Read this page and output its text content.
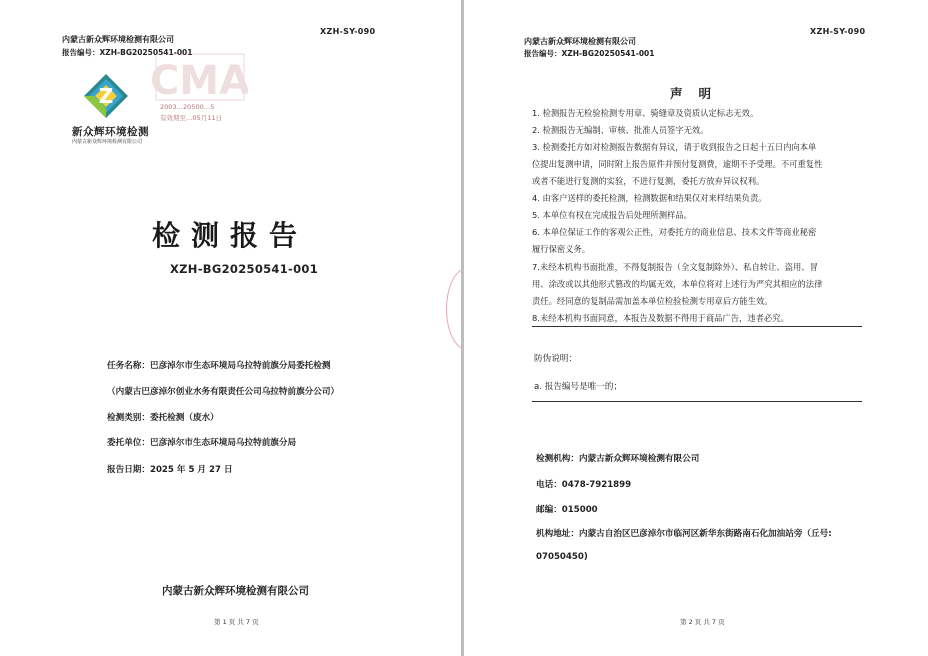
XZH-SY-090
内蒙古新众辉环境检测有限公司
报告编号：XZH-BG20250541-001
Z
新众辉环境检测
内蒙古新众辉环境检测有限公司
CMA
2003…20500…5
有效期至…05月11日
检测报告
XZH-BG20250541-001
任务名称：巴彦淖尔市生态环境局乌拉特前旗分局委托检测
（内蒙古巴彦淖尔创业水务有限责任公司乌拉特前旗分公司）
检测类别：委托检测（废水）
委托单位：巴彦淖尔市生态环境局乌拉特前旗分局
报告日期：2025 年 5 月 27 日
内蒙古新众辉环境检测有限公司
第 1 页 共 7 页
XZH-SY-090
内蒙古新众辉环境检测有限公司
报告编号：XZH-BG20250541-001
声明
1. 检测报告无检验检测专用章、骑缝章及资质认定标志无效。
2. 检测报告无编制、审核、批准人员签字无效。
3. 检测委托方如对检测报告数据有异议，请于收到报告之日起十五日内向本单
位提出复测申请，同时附上报告原件并预付复测费，逾期不予受理。不可重复性
或者不能进行复测的实验，不进行复测，委托方放弃异议权利。
4. 由客户送样的委托检测，检测数据和结果仅对来样结果负责。
5. 本单位有权在完成报告后处理所测样品。
6. 本单位保证工作的客观公正性，对委托方的商业信息、技术文件等商业秘密
履行保密义务。
7.未经本机构书面批准，不得复制报告（全文复制除外）、私自转让、盗用、冒
用、涂改或以其他形式篡改的均属无效，本单位将对上述行为严究其相应的法律
责任。经同意的复制品需加盖本单位检验检测专用章后方能生效。
8.未经本机构书面同意，本报告及数据不得用于商品广告，违者必究。
防伪说明：
a. 报告编号是唯一的；
检测机构：内蒙古新众辉环境检测有限公司
电话：0478-7921899
邮编：015000
机构地址：内蒙古自治区巴彦淖尔市临河区新华东街路南石化加油站旁（丘号:
07050450)
第 2 页 共 7 页
